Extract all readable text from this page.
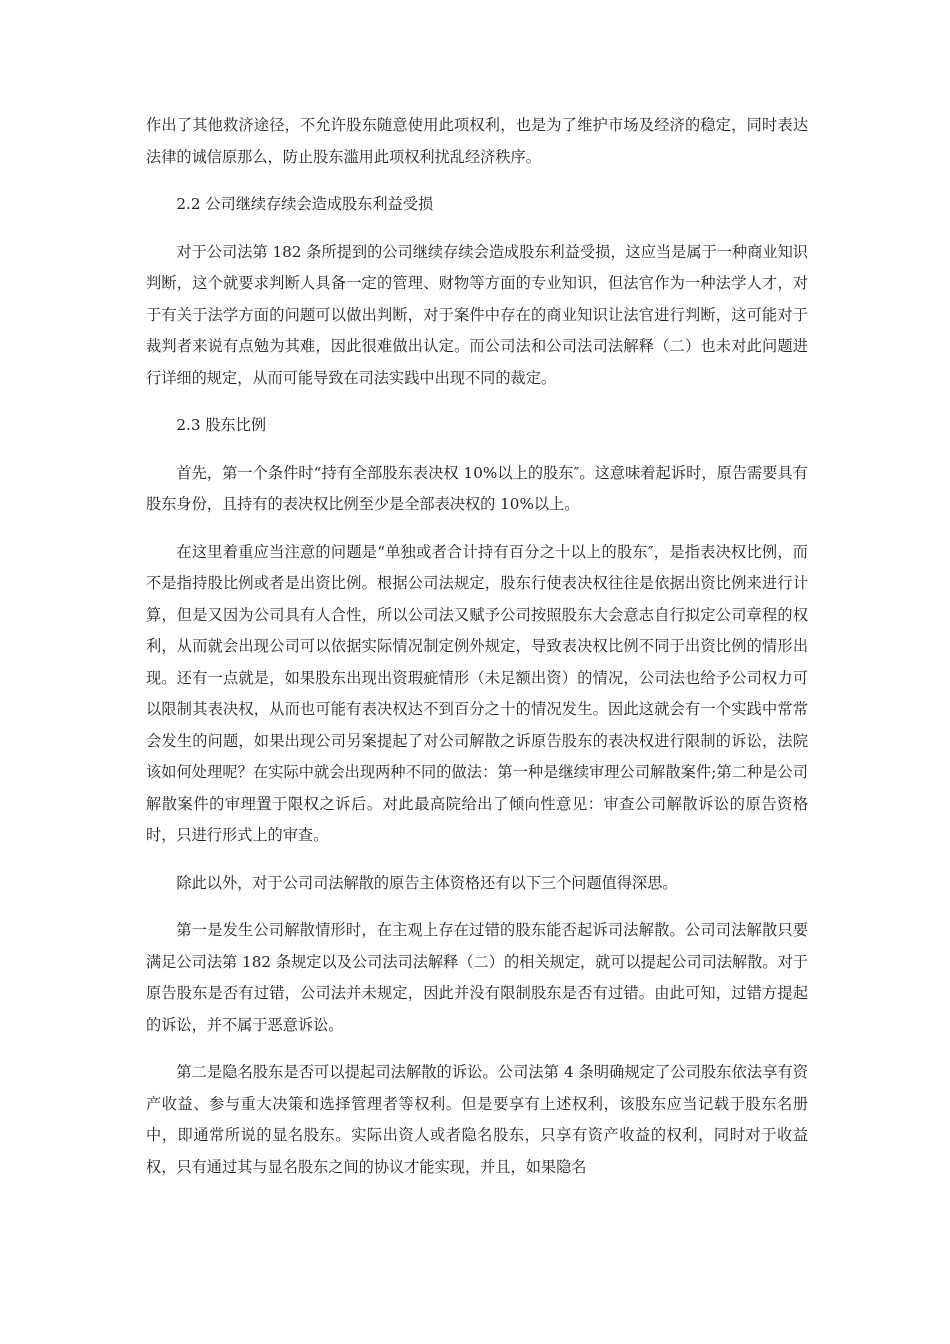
作出了其他救济途径，不允许股东随意使用此项权利，也是为了维护市场及经济的稳定，同时表达法律的诚信原那么，防止股东滥用此项权利扰乱经济秩序。

2.2 公司继续存续会造成股东利益受损

对于公司法第 182 条所提到的公司继续存续会造成股东利益受损，这应当是属于一种商业知识判断，这个就要求判断人具备一定的管理、财物等方面的专业知识，但法官作为一种法学人才，对于有关于法学方面的问题可以做出判断，对于案件中存在的商业知识让法官进行判断，这可能对于裁判者来说有点勉为其难，因此很难做出认定。而公司法和公司法司法解释（二）也未对此问题进行详细的规定，从而可能导致在司法实践中出现不同的裁定。

2.3 股东比例

首先，第一个条件时“持有全部股东表决权 10%以上的股东″。这意味着起诉时，原告需要具有股东身份，且持有的表决权比例至少是全部表决权的 10%以上。

在这里着重应当注意的问题是“单独或者合计持有百分之十以上的股东″，是指表决权比例，而不是指持股比例或者是出资比例。根据公司法规定，股东行使表决权往往是依据出资比例来进行计算，但是又因为公司具有人合性，所以公司法又赋予公司按照股东大会意志自行拟定公司章程的权利，从而就会出现公司可以依据实际情况制定例外规定，导致表决权比例不同于出资比例的情形出现。还有一点就是，如果股东出现出资瑕疵情形（未足额出资）的情况，公司法也给予公司权力可以限制其表决权，从而也可能有表决权达不到百分之十的情况发生。因此这就会有一个实践中常常会发生的问题，如果出现公司另案提起了对公司解散之诉原告股东的表决权进行限制的诉讼，法院该如何处理呢？在实际中就会出现两种不同的做法：第一种是继续审理公司解散案件;第二种是公司解散案件的审理置于限权之诉后。对此最高院给出了倾向性意见：审查公司解散诉讼的原告资格时，只进行形式上的审查。

除此以外，对于公司司法解散的原告主体资格还有以下三个问题值得深思。

第一是发生公司解散情形时，在主观上存在过错的股东能否起诉司法解散。公司司法解散只要满足公司法第 182 条规定以及公司法司法解释（二）的相关规定，就可以提起公司司法解散。对于原告股东是否有过错，公司法并未规定，因此并没有限制股东是否有过错。由此可知，过错方提起的诉讼，并不属于恶意诉讼。

第二是隐名股东是否可以提起司法解散的诉讼。公司法第 4 条明确规定了公司股东依法享有资产收益、参与重大决策和选择管理者等权利。但是要享有上述权利，该股东应当记载于股东名册中，即通常所说的显名股东。实际出资人或者隐名股东，只享有资产收益的权利，同时对于收益权，只有通过其与显名股东之间的协议才能实现，并且，如果隐名
